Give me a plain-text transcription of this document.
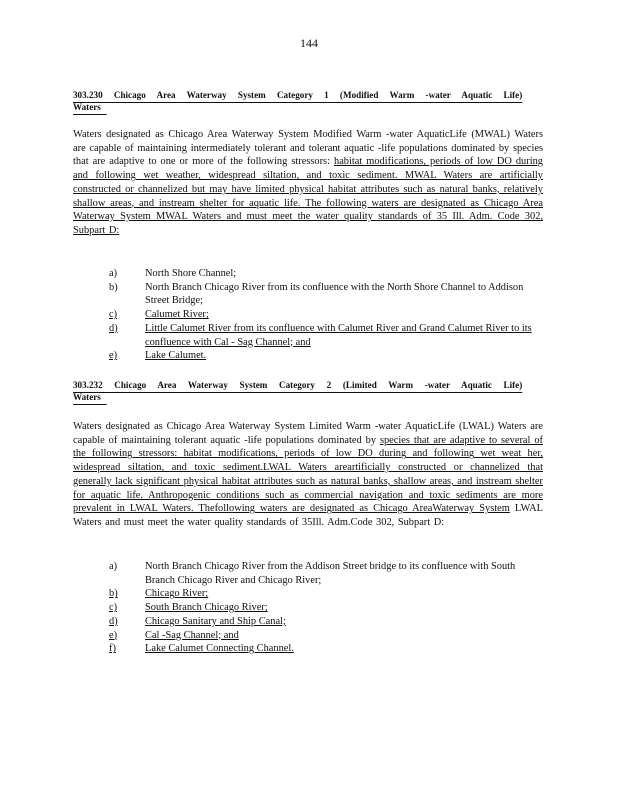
144
303.230 Chicago Area Waterway System Category 1 (Modified Warm -water Aquatic Life)
Waters
Waters designated as Chicago Area Waterway System Modified Warm -water AquaticLife (MWAL) Waters are capable of maintaining intermediately tolerant and tolerant aquatic -life populations dominated by species that are adaptive to one or more of the following stressors: habitat modifications, periods of low DO during and following wet weather, widespread siltation, and toxic sediment. MWAL Waters are artificially constructed or channelized but may have limited physical habitat attributes such as natural banks, relatively shallow areas, and instream shelter for aquatic life. The following waters are designated as Chicago Area Waterway System MWAL Waters and must meet the water quality standards of 35 Ill. Adm. Code 302, Subpart D:
a)	North Shore Channel;
b)	North Branch Chicago River from its confluence with the North Shore Channel to Addison Street Bridge;
c)	Calumet River;
d)	Little Calumet River from its confluence with Calumet River and Grand Calumet River to its confluence with Cal - Sag Channel; and
e)	Lake Calumet.
303.232 Chicago Area Waterway System Category 2 (Limited Warm -water Aquatic Life)
Waters
Waters designated as Chicago Area Waterway System Limited Warm -water AquaticLife (LWAL) Waters are capable of maintaining tolerant aquatic -life populations dominated by species that are adaptive to several of the following stressors: habitat modifications, periods of low DO during and following wet weat her, widespread siltation, and toxic sediment.LWAL Waters areartificially constructed or channelized that generally lack significant physical habitat attributes such as natural banks, shallow areas, and instream shelter for aquatic life. Anthropogenic conditions such as commercial navigation and toxic sediments are more prevalent in LWAL Waters. Thefollowing waters are designated as Chicago AreaWaterway System LWAL Waters and must meet the water quality standards of 35Ill. Adm.Code 302, Subpart D:
a)	North Branch Chicago River from the Addison Street bridge to its confluence with South Branch Chicago River and Chicago River;
b)	Chicago River;
c)	South Branch Chicago River;
d)	Chicago Sanitary and Ship Canal;
e)	Cal -Sag Channel; and
f)	Lake Calumet Connecting Channel.
